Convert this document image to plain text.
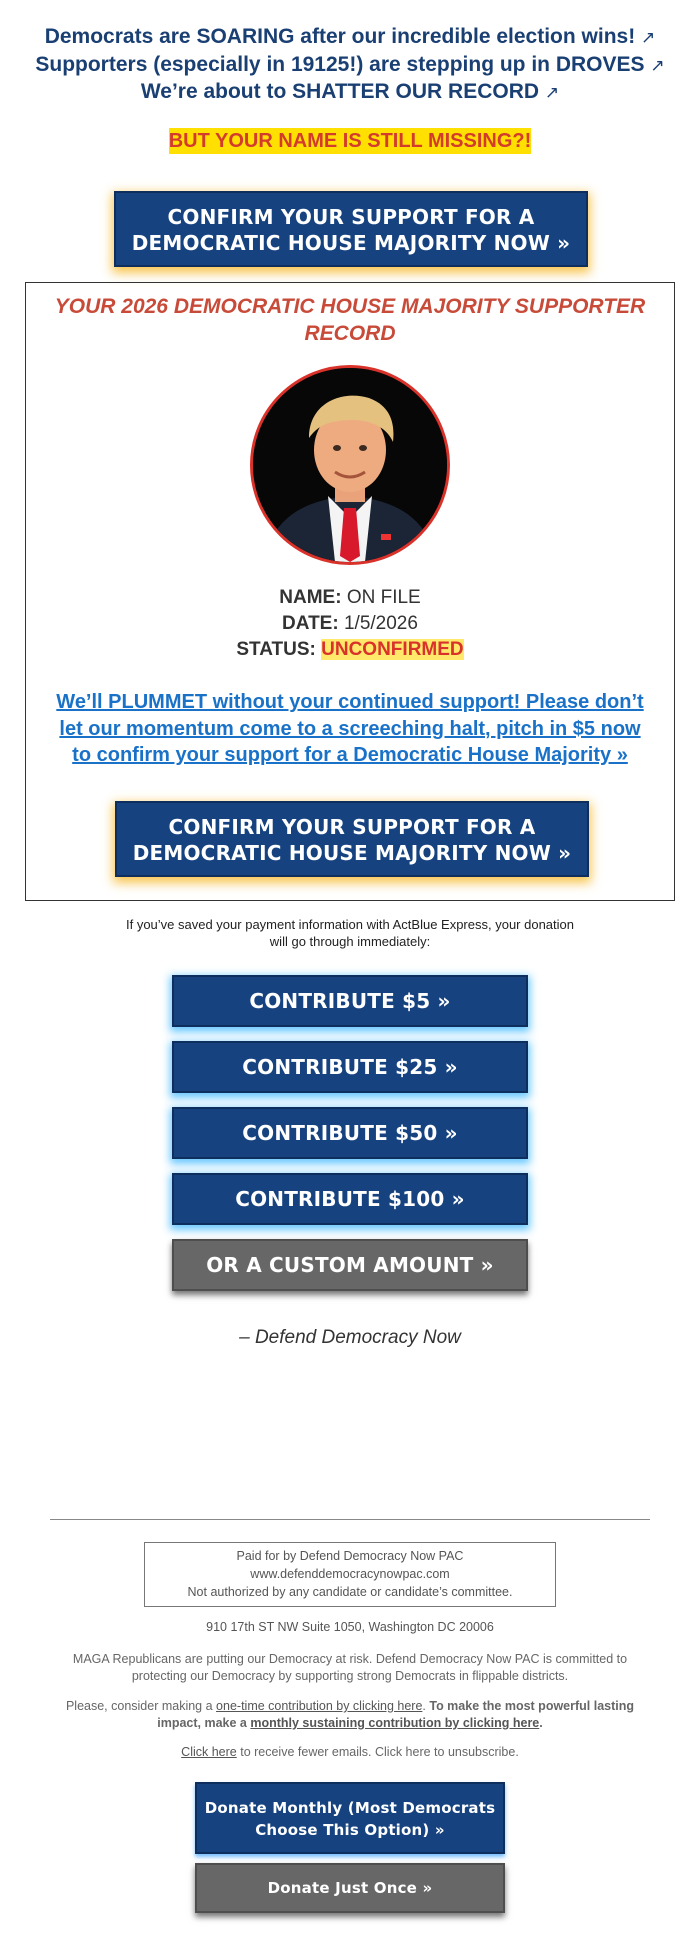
Democrats are SOARING after our incredible election wins! ↗
Supporters (especially in 19125!) are stepping up in DROVES ↗
We’re about to SHATTER OUR RECORD ↗
BUT YOUR NAME IS STILL MISSING?!
CONFIRM YOUR SUPPORT FOR A
DEMOCRATIC HOUSE MAJORITY NOW »
YOUR 2026 DEMOCRATIC HOUSE MAJORITY SUPPORTER
RECORD
NAME: ON FILE
DATE: 1/5/2026
STATUS: UNCONFIRMED
We’ll PLUMMET without your continued support! Please don’t
let our momentum come to a screeching halt, pitch in $5 now
to confirm your support for a Democratic House Majority »
CONFIRM YOUR SUPPORT FOR A
DEMOCRATIC HOUSE MAJORITY NOW »
If you’ve saved your payment information with ActBlue Express, your donation
will go through immediately:
CONTRIBUTE $5 »
CONTRIBUTE $25 »
CONTRIBUTE $50 »
CONTRIBUTE $100 »
OR A CUSTOM AMOUNT »
– Defend Democracy Now
Paid for by Defend Democracy Now PAC
www.defenddemocracynowpac.com
Not authorized by any candidate or candidate’s committee.
910 17th ST NW Suite 1050, Washington DC 20006
MAGA Republicans are putting our Democracy at risk. Defend Democracy Now PAC is committed to
protecting our Democracy by supporting strong Democrats in flippable districts.
Please, consider making a one-time contribution by clicking here. To make the most powerful lasting
impact, make a monthly sustaining contribution by clicking here.
Click here to receive fewer emails. Click here to unsubscribe.
Donate Monthly (Most Democrats
Choose This Option) »
Donate Just Once »
